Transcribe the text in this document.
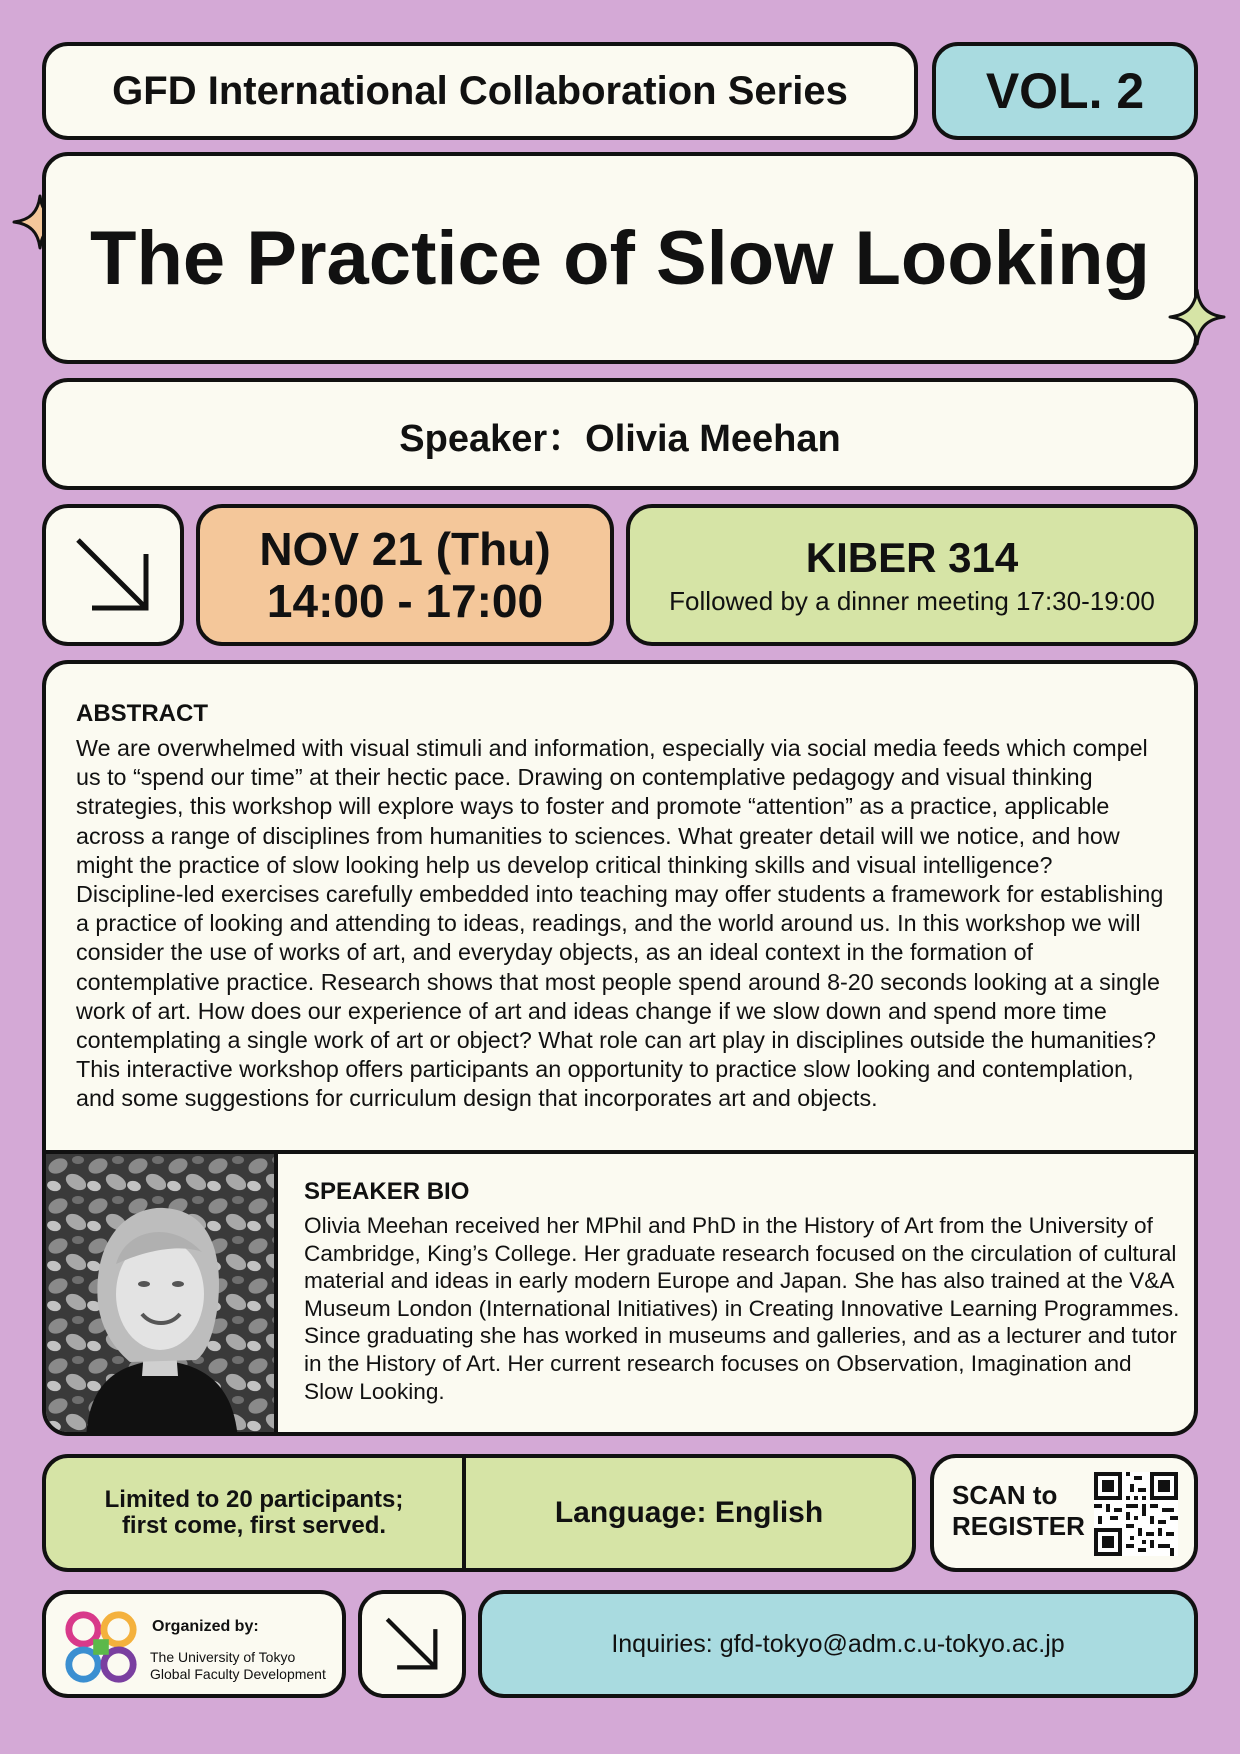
GFD International Collaboration Series	VOL. 2
The Practice of Slow Looking
Speaker：Olivia Meehan
NOV 21 (Thu)
14:00 - 17:00
KIBER 314
Followed by a dinner meeting 17:30-19:00

ABSTRACT

We are overwhelmed with visual stimuli and information, especially via social media feeds which compel us to “spend our time” at their hectic pace. Drawing on contemplative pedagogy and visual thinking strategies, this workshop will explore ways to foster and promote “attention” as a practice, applicable across a range of disciplines from humanities to sciences. What greater detail will we notice, and how might the practice of slow looking help us develop critical thinking skills and visual intelligence? Discipline-led exercises carefully embedded into teaching may offer students a framework for establishing a practice of looking and attending to ideas, readings, and the world around us. In this workshop we will consider the use of works of art, and everyday objects, as an ideal context in the formation of contemplative practice. Research shows that most people spend around 8-20 seconds looking at a single work of art. How does our experience of art and ideas change if we slow down and spend more time contemplating a single work of art or object? What role can art play in disciplines outside the humanities? This interactive workshop offers participants an opportunity to practice slow looking and contemplation, and some suggestions for curriculum design that incorporates art and objects.

SPEAKER BIO

Olivia Meehan received her MPhil and PhD in the History of Art from the University of Cambridge, King’s College. Her graduate research focused on the circulation of cultural material and ideas in early modern Europe and Japan. She has also trained at the V&A Museum London (International Initiatives) in Creating Innovative Learning Programmes. Since graduating she has worked in museums and galleries, and as a lecturer and tutor in the History of Art. Her current research focuses on Observation, Imagination and Slow Looking.

Limited to 20 participants;
first come, first served.	Language: English
SCAN to
REGISTER
Organized by:
The University of Tokyo
Global Faculty Development
Inquiries: gfd-tokyo@adm.c.u-tokyo.ac.jp
